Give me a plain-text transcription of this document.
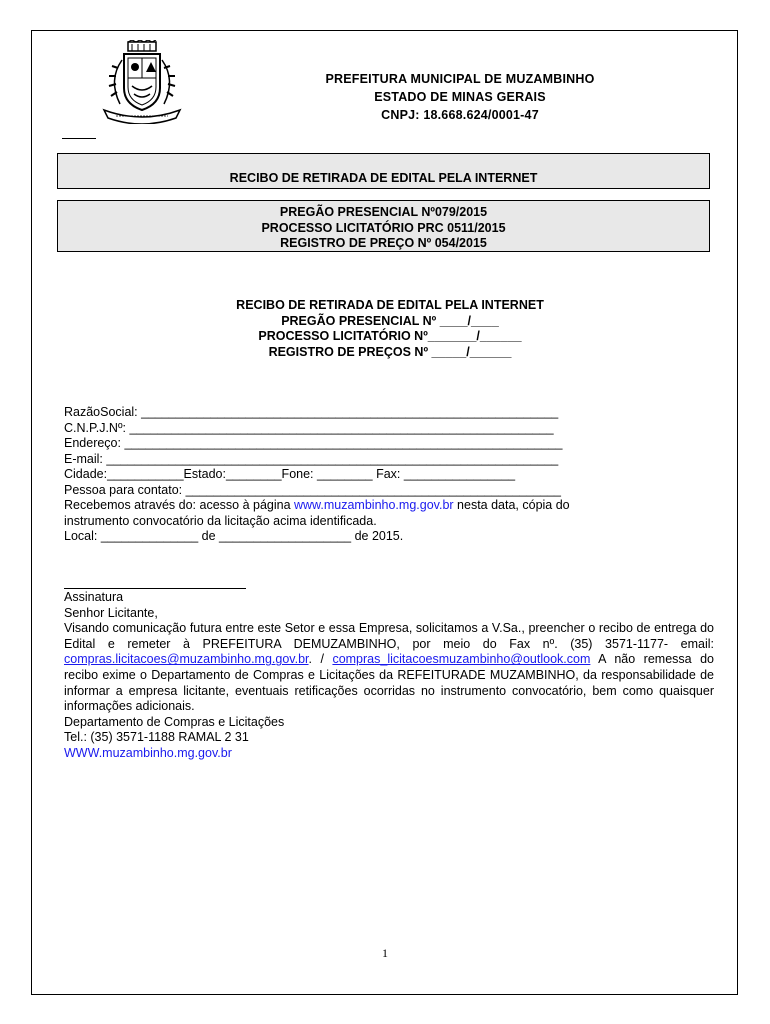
PREFEITURA MUNICIPAL DE MUZAMBINHO
ESTADO DE MINAS GERAIS
CNPJ: 18.668.624/0001-47
RECIBO DE RETIRADA DE EDITAL PELA INTERNET
PREGÃO PRESENCIAL Nº079/2015
PROCESSO LICITATÓRIO PRC 0511/2015
REGISTRO DE PREÇO Nº 054/2015
RECIBO DE RETIRADA DE EDITAL PELA INTERNET
PREGÃO PRESENCIAL Nº ____/____
PROCESSO LICITATÓRIO Nº_______/______
REGISTRO DE PREÇOS Nº _____/______
RazãoSocial: ____________________________________________________________
C.N.P.J.Nº: _____________________________________________________________
Endereço: _______________________________________________________________
E-mail: _________________________________________________________________
Cidade:___________Estado:________Fone: ________ Fax: ________________
Pessoa para contato: ______________________________________________________
Recebemos através do: acesso à página www.muzambinho.mg.gov.br nesta data, cópia do
instrumento convocatório da licitação acima identificada.
Local: ______________ de ___________________ de 2015.
Assinatura
Senhor Licitante,
Visando comunicação futura entre este Setor e essa Empresa, solicitamos a V.Sa., preencher o recibo de entrega do Edital e remeter à PREFEITURA DEMUZAMBINHO, por meio do Fax nº. (35) 3571-1177- email: compras.licitacoes@muzambinho.mg.gov.br. / compras_licitacoesmuzambinho@outlook.com A não remessa do recibo exime o Departamento de Compras e Licitações da REFEITURADE MUZAMBINHO, da responsabilidade de informar a empresa licitante, eventuais retificações ocorridas no instrumento convocatório, bem como quaisquer informações adicionais.
Departamento de Compras e Licitações
Tel.: (35) 3571-1188 RAMAL 2 31
WWW.muzambinho.mg.gov.br
1
